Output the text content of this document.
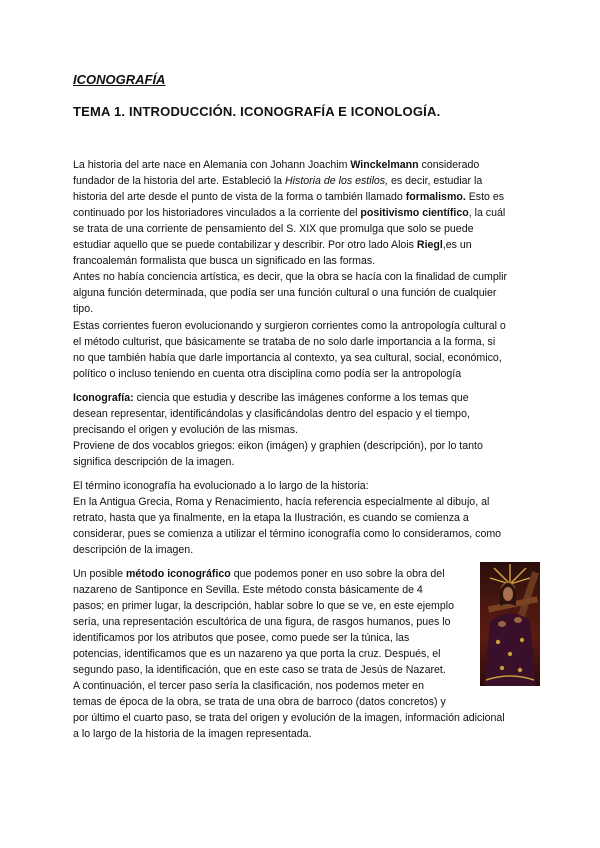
ICONOGRAFÍA
TEMA 1. INTRODUCCIÓN. ICONOGRAFÍA E ICONOLOGÍA.

La historia del arte nace en Alemania con Johann Joachim Winckelmann considerado
fundador de la historia del arte. Estableció la Historia de los estilos, es decir, estudiar la
historia del arte desde el punto de vista de la forma o también llamado formalismo. Esto es
continuado por los historiadores vinculados a la corriente del positivismo científico, la cuál
se trata de una corriente de pensamiento del S. XIX que promulga que solo se puede
estudiar aquello que se puede contabilizar y describir. Por otro lado Alois Riegl,es un
francoalemán formalista que busca un significado en las formas.
Antes no había conciencia artística, es decir, que la obra se hacía con la finalidad de cumplir
alguna función determinada, que podía ser una función cultural o una función de cualquier
tipo.

Estas corrientes fueron evolucionando y surgieron corrientes como la antropología cultural o
el método culturist, que básicamente se trataba de no solo darle importancia a la forma, si
no que también había que darle importancia al contexto, ya sea cultural, social, económico,
político o incluso teniendo en cuenta otra disciplina como podía ser la antropología

Iconografía: ciencia que estudia y describe las imágenes conforme a los temas que
desean representar, identificándolas y clasificándolas dentro del espacio y el tiempo,
precisando el origen y evolución de las mismas.
Proviene de dos vocablos griegos: eikon (imágen) y graphien (descripción), por lo tanto
significa descripción de la imagen.

El término iconografía ha evolucionado a lo largo de la historia:
En la Antigua Grecia, Roma y Renacimiento, hacía referencia especialmente al dibujo, al
retrato, hasta que ya finalmente, en la etapa la Ilustración, es cuando se comienza a
considerar, pues se comienza a utilizar el término iconografía como lo consideramos, como
descripción de la imagen.

Un posible método iconográfico que podemos poner en uso sobre la obra del
nazareno de Santiponce en Sevilla. Este método consta básicamente de 4
pasos; en primer lugar, la descripción, hablar sobre lo que se ve, en este ejemplo
sería, una representación escultórica de una figura, de rasgos humanos, pues lo
identificamos por los atributos que posee, como puede ser la túnica, las
potencias, identificamos que es un nazareno ya que porta la cruz. Después, el
segundo paso, la identificación, que en este caso se trata de Jesús de Nazaret.
A continuación, el tercer paso sería la clasificación, nos podemos meter en
temas de época de la obra, se trata de una obra de barroco (datos concretos) y
por último el cuarto paso, se trata del origen y evolución de la imagen, información adicional
a lo largo de la historia de la imagen representada.
